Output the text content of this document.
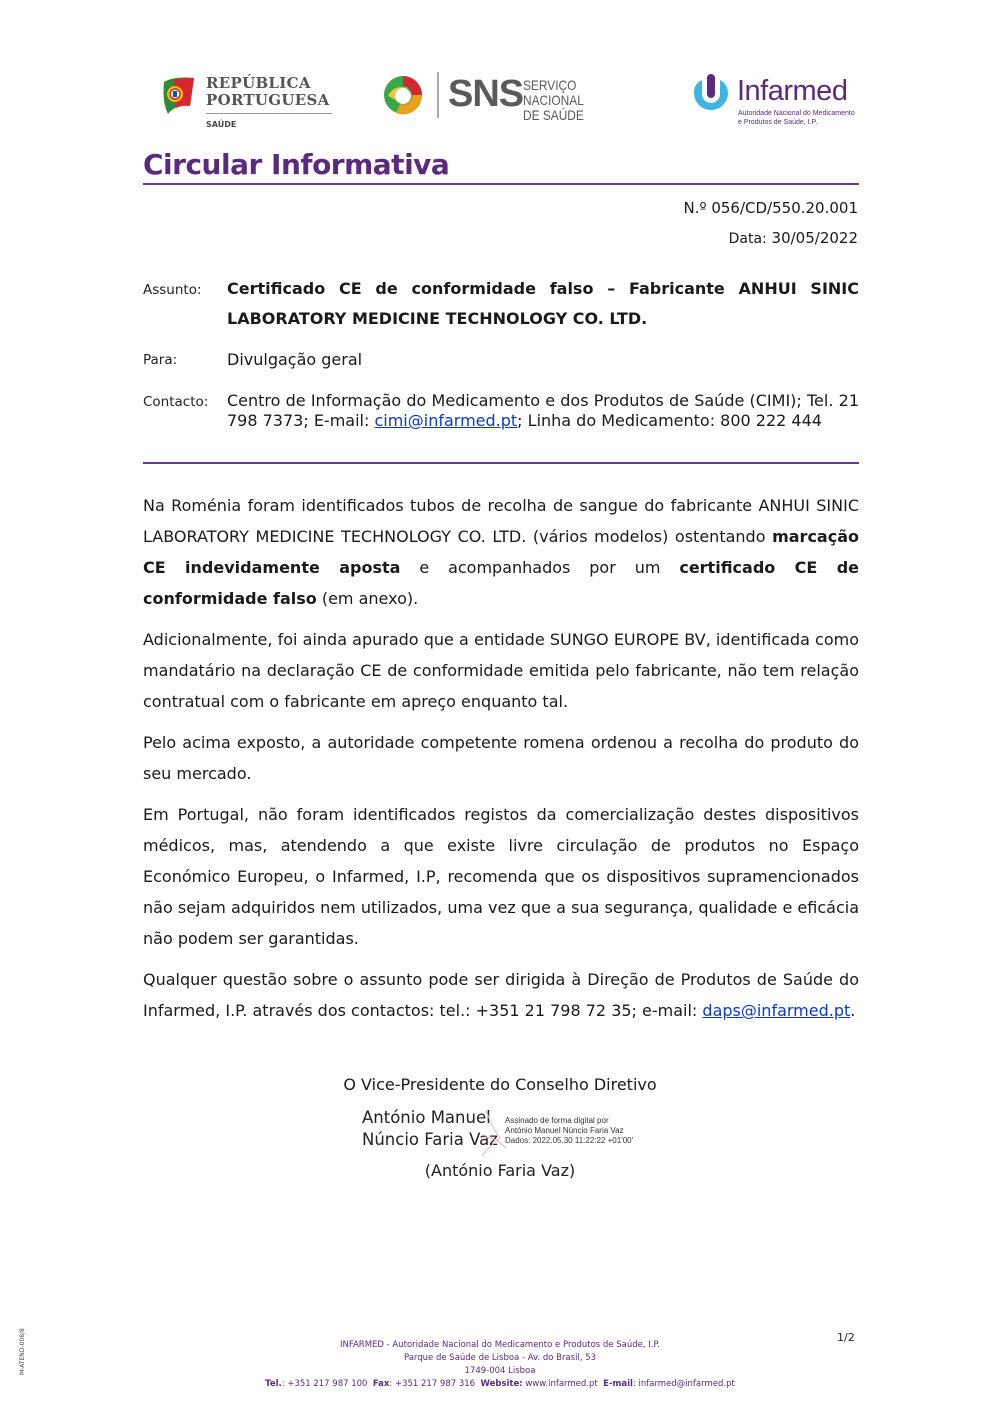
REPÚBLICA
PORTUGUESA
SAÚDE
SNS SERVIÇO NACIONAL
DE SAÚDE
Infarmed
Autoridade Nacional do Medicamento
e Produtos de Saúde, I.P.
Circular Informativa
N.º 056/CD/550.20.001
Data: 30/05/2022
Assunto: Certificado CE de conformidade falso – Fabricante ANHUI SINIC LABORATORY MEDICINE TECHNOLOGY CO. LTD.
Para:	Divulgação geral
Contacto: Centro de Informação do Medicamento e dos Produtos de Saúde (CIMI); Tel. 21 798 7373; E-mail: cimi@infarmed.pt; Linha do Medicamento: 800 222 444

Na Roménia foram identificados tubos de recolha de sangue do fabricante ANHUI SINIC LABORATORY MEDICINE TECHNOLOGY CO. LTD. (vários modelos) ostentando marcação CE indevidamente aposta e acompanhados por um certificado CE de conformidade falso (em anexo).

Adicionalmente, foi ainda apurado que a entidade SUNGO EUROPE BV, identificada como mandatário na declaração CE de conformidade emitida pelo fabricante, não tem relação contratual com o fabricante em apreço enquanto tal.

Pelo acima exposto, a autoridade competente romena ordenou a recolha do produto do seu mercado.

Em Portugal, não foram identificados registos da comercialização destes dispositivos médicos, mas, atendendo a que existe livre circulação de produtos no Espaço Económico Europeu, o Infarmed, I.P, recomenda que os dispositivos supramencionados não sejam adquiridos nem utilizados, uma vez que a sua segurança, qualidade e eficácia não podem ser garantidas.

Qualquer questão sobre o assunto pode ser dirigida à Direção de Produtos de Saúde do Infarmed, I.P. através dos contactos: tel.: +351 21 798 72 35; e-mail: daps@infarmed.pt.

O Vice-Presidente do Conselho Diretivo
António Manuel
Núncio Faria Vaz
Assinado de forma digital por
António Manuel Núncio Faria Vaz
Dados: 2022.05.30 11:22:22 +01'00'
(António Faria Vaz)
1/2
M-ATEND-008/8	INFARMED - Autoridade Nacional do Medicamento e Produtos de Saúde, I.P.
Parque de Saúde de Lisboa - Av. do Brasil, 53
1749-004 Lisboa
Tel.: +351 217 987 100 Fax: +351 217 987 316 Website: www.infarmed.pt E-mail: infarmed@infarmed.pt
